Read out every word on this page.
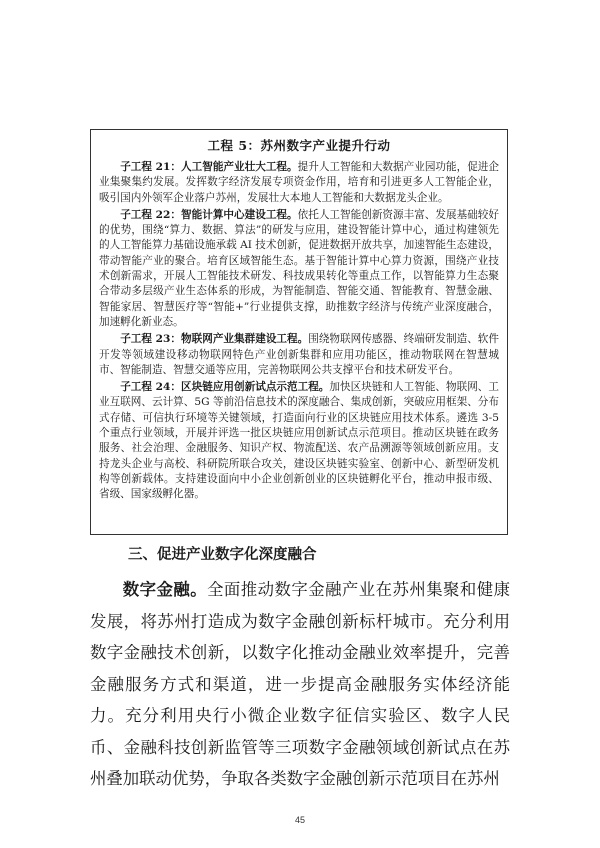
工程 5：苏州数字产业提升行动

子工程 21：人工智能产业壮大工程。提升人工智能和大数据产业园功能，促进企业集聚集约发展。发挥数字经济发展专项资金作用，培育和引进更多人工智能企业，吸引国内外领军企业落户苏州，发展壮大本地人工智能和大数据龙头企业。

子工程 22：智能计算中心建设工程。依托人工智能创新资源丰富、发展基础较好的优势，围绕“算力、数据、算法”的研发与应用，建设智能计算中心，通过构建领先的人工智能算力基础设施承载 AI 技术创新，促进数据开放共享，加速智能生态建设，带动智能产业的聚合。培育区域智能生态。基于智能计算中心算力资源，围绕产业技术创新需求，开展人工智能技术研发、科技成果转化等重点工作，以智能算力生态聚合带动多层级产业生态体系的形成，为智能制造、智能交通、智能教育、智慧金融、智能家居、智慧医疗等“智能+”行业提供支撑，助推数字经济与传统产业深度融合，加速孵化新业态。

子工程 23：物联网产业集群建设工程。围绕物联网传感器、终端研发制造、软件开发等领域建设移动物联网特色产业创新集群和应用功能区，推动物联网在智慧城市、智能制造、智慧交通等应用，完善物联网公共支撑平台和技术研发平台。

子工程 24：区块链应用创新试点示范工程。加快区块链和人工智能、物联网、工业互联网、云计算、5G 等前沿信息技术的深度融合、集成创新，突破应用框架、分布式存储、可信执行环境等关键领域，打造面向行业的区块链应用技术体系。遴选 3-5 个重点行业领域，开展并评选一批区块链应用创新试点示范项目。推动区块链在政务服务、社会治理、金融服务、知识产权、物流配送、农产品溯源等领域创新应用。支持龙头企业与高校、科研院所联合攻关，建设区块链实验室、创新中心、新型研发机构等创新载体。支持建设面向中小企业创新创业的区块链孵化平台，推动申报市级、省级、国家级孵化器。

三、促进产业数字化深度融合

数字金融。全面推动数字金融产业在苏州集聚和健康发展，将苏州打造成为数字金融创新标杆城市。充分利用数字金融技术创新，以数字化推动金融业效率提升，完善金融服务方式和渠道，进一步提高金融服务实体经济能力。充分利用央行小微企业数字征信实验区、数字人民币、金融科技创新监管等三项数字金融领域创新试点在苏州叠加联动优势，争取各类数字金融创新示范项目在苏州

45
